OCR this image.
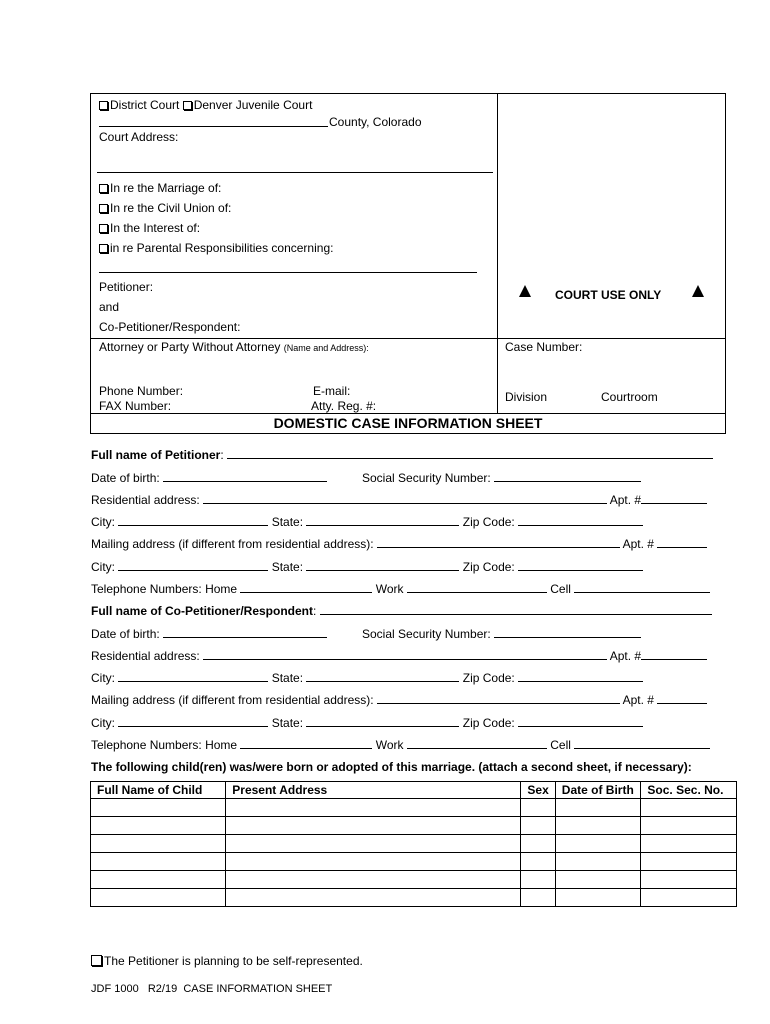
District Court Denver Juvenile Court
County, Colorado
Court Address:
In re the Marriage of:
In re the Civil Union of:
In the Interest of:
in re Parental Responsibilities concerning:
Petitioner:
and
Co-Petitioner/Respondent:
COURT USE ONLY
Attorney or Party Without Attorney (Name and Address):	Case Number:
Phone Number:
FAX Number:
E-mail:
Atty. Reg. #:
Division	Courtroom
DOMESTIC CASE INFORMATION SHEET
Full name of Petitioner:
Date of birth:	Social Security Number:
Residential address:	Apt. #
City:	State:	Zip Code:
Mailing address (if different from residential address):	Apt. #
City:	State:	Zip Code:
Telephone Numbers: Home	Work	Cell
Full name of Co-Petitioner/Respondent:
Date of birth:	Social Security Number:
Residential address:	Apt. #
City:	State:	Zip Code:
Mailing address (if different from residential address):	Apt. #
City:	State:	Zip Code:
Telephone Numbers: Home	Work	Cell
The following child(ren) was/were born or adopted of this marriage. (attach a second sheet, if necessary):
Full Name of Child	Present Address	Sex	Date of Birth	Soc. Sec. No.

The Petitioner is planning to be self-represented.
JDF 1000   R2/19  CASE INFORMATION SHEET
